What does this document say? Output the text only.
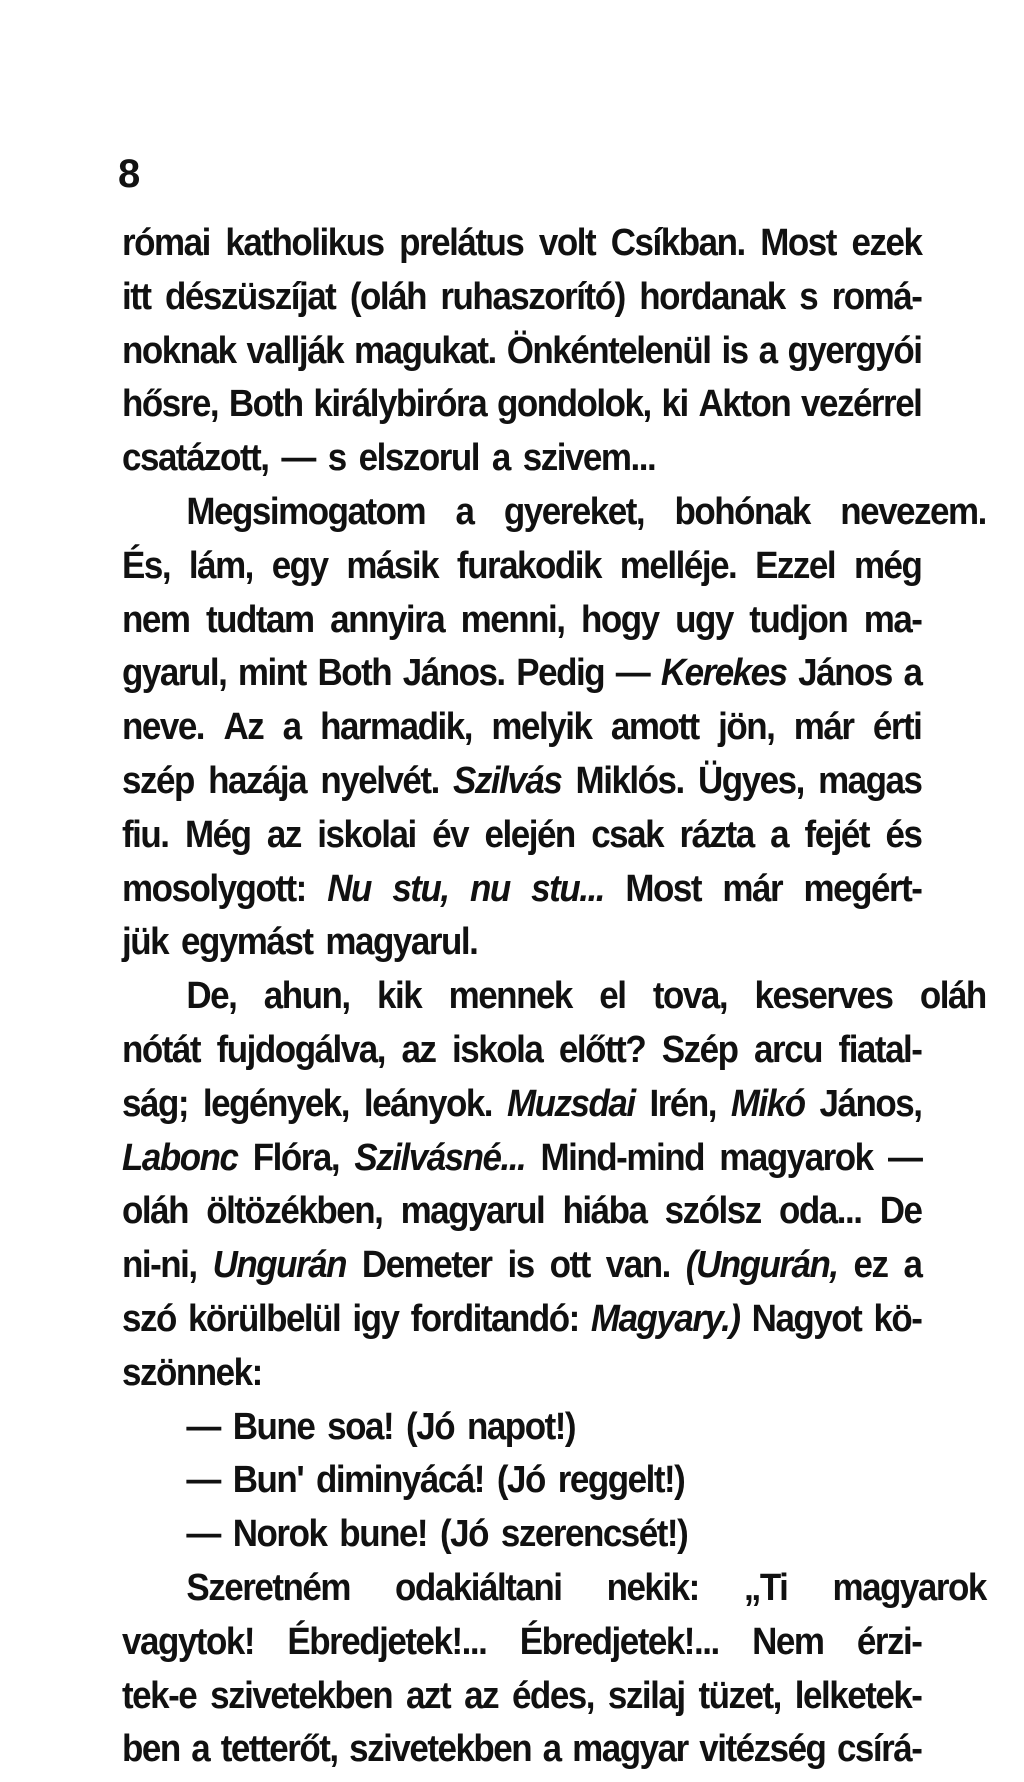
8
római katholikus prelátus volt Csíkban. Most ezek
itt dészüszíjat (oláh ruhaszorító) hordanak s romá-
noknak vallják magukat. Önkéntelenül is a gyergyói
hősre, Both királybiróra gondolok, ki Akton vezérrel
csatázott, — s elszorul a szivem...
Megsimogatom a gyereket, bohónak nevezem.
És, lám, egy másik furakodik melléje. Ezzel még
nem tudtam annyira menni, hogy ugy tudjon ma-
gyarul, mint Both János. Pedig — Kerekes János a
neve. Az a harmadik, melyik amott jön, már érti
szép hazája nyelvét. Szilvás Miklós. Ügyes, magas
fiu. Még az iskolai év elején csak rázta a fejét és
mosolygott: Nu stu, nu stu... Most már megért-
jük egymást magyarul.
De, ahun, kik mennek el tova, keserves oláh
nótát fujdogálva, az iskola előtt? Szép arcu fiatal-
ság; legények, leányok. Muzsdai Irén, Mikó János,
Labonc Flóra, Szilvásné... Mind-mind magyarok —
oláh öltözékben, magyarul hiába szólsz oda... De
ni-ni, Ungurán Demeter is ott van. (Ungurán, ez a
szó körülbelül igy forditandó: Magyary.) Nagyot kö-
szönnek:
— Bune soa! (Jó napot!)
— Bun' diminyácá! (Jó reggelt!)
— Norok bune! (Jó szerencsét!)
Szeretném odakiáltani nekik: „Ti magyarok
vagytok! Ébredjetek!... Ébredjetek!... Nem érzi-
tek-e szivetekben azt az édes, szilaj tüzet, lelketek-
ben a tetterőt, szivetekben a magyar vitézség csírá-
